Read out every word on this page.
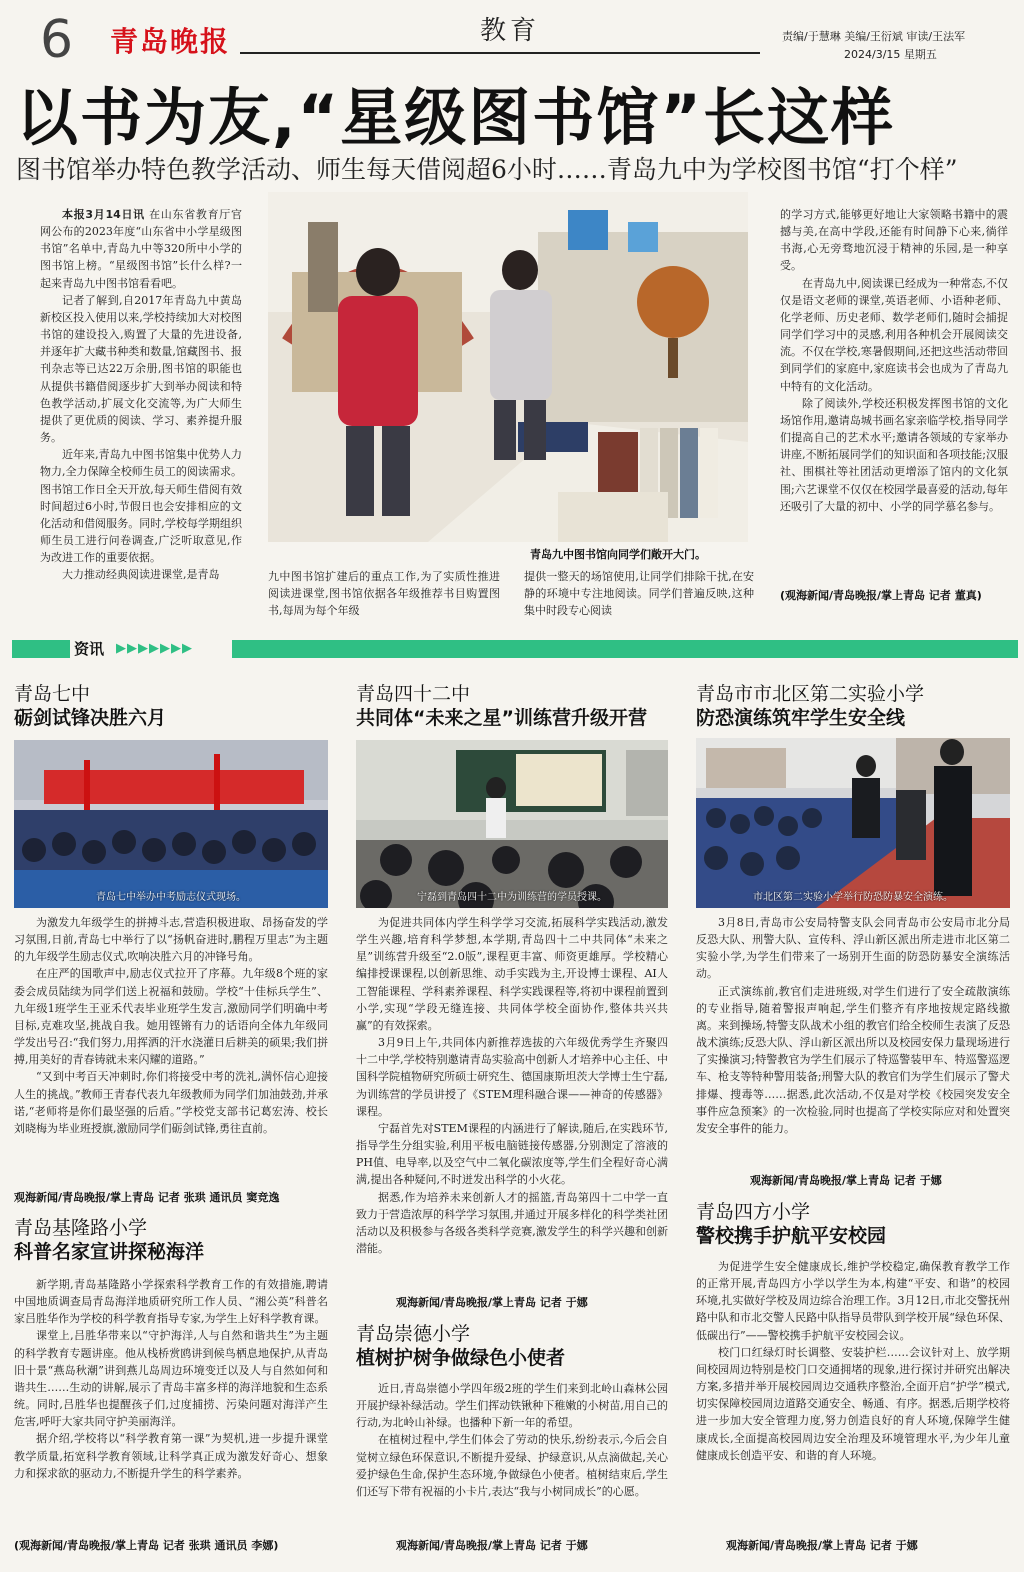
6 青岛晚报	教育	责编/于慧琳 美编/王衍斌 审读/王法军
2024/3/15 星期五
以书为友,“星级图书馆”长这样
图书馆举办特色教学活动、师生每天借阅超6小时……青岛九中为学校图书馆“打个样”

本报3月14日讯 在山东省教育厅官网公布的2023年度“山东省中小学星级图书馆”名单中,青岛九中等320所中小学的图书馆上榜。“星级图书馆”长什么样?一起来青岛九中图书馆看看吧。

记者了解到,自2017年青岛九中黄岛新校区投入使用以来,学校持续加大对校图书馆的建设投入,购置了大量的先进设备,并逐年扩大藏书种类和数量,馆藏图书、报刊杂志等已达22万余册,图书馆的职能也从提供书籍借阅逐步扩大到举办阅读和特色教学活动,扩展文化交流等,为广大师生提供了更优质的阅读、学习、素养提升服务。

近年来,青岛九中图书馆集中优势人力物力,全力保障全校师生员工的阅读需求。图书馆工作日全天开放,每天师生借阅有效时间超过6小时,节假日也会安排相应的文化活动和借阅服务。同时,学校每学期组织师生员工进行问卷调查,广泛听取意见,作为改进工作的重要依据。

大力推动经典阅读进课堂,是青岛

青岛九中图书馆向同学们敞开大门。

九中图书馆扩建后的重点工作,为了实质性推进阅读进课堂,图书馆依据各年级推荐书目购置图书,每周为每个年级

提供一整天的场馆使用,让同学们排除干扰,在安静的环境中专注地阅读。同学们普遍反映,这种集中时段专心阅读

的学习方式,能够更好地让大家领略书籍中的震撼与美,在高中学段,还能有时间静下心来,徜徉书海,心无旁骛地沉浸于精神的乐园,是一种享受。

在青岛九中,阅读课已经成为一种常态,不仅仅是语文老师的课堂,英语老师、小语种老师、化学老师、历史老师、数学老师们,随时会捕捉同学们学习中的灵感,利用各种机会开展阅读交流。不仅在学校,寒暑假期间,还把这些活动带回到同学们的家庭中,家庭读书会也成为了青岛九中特有的文化活动。

除了阅读外,学校还积极发挥图书馆的文化场馆作用,邀请岛城书画名家亲临学校,指导同学们提高自己的艺术水平;邀请各领域的专家举办讲座,不断拓展同学们的知识面和各项技能;汉服社、围棋社等社团活动更增添了馆内的文化氛围;六艺课堂不仅仅在校园学最喜爱的活动,每年还吸引了大量的初中、小学的同学慕名参与。

(观海新闻/青岛晚报/掌上青岛 记者 董真)
资讯 ▶▶▶▶▶▶▶
青岛七中
砺剑试锋决胜六月
青岛七中举办中考励志仪式现场。

为激发九年级学生的拼搏斗志,营造积极进取、昂扬奋发的学习氛围,日前,青岛七中举行了以“扬帆奋进时,鹏程万里志”为主题的九年级学生励志仪式,吹响决胜六月的冲锋号角。

在庄严的国歌声中,励志仪式拉开了序幕。九年级8个班的家委会成员陆续为同学们送上祝福和鼓励。学校“十佳标兵学生”、九年级1班学生王亚禾代表毕业班学生发言,激励同学们明确中考目标,克难攻坚,挑战自我。她用铿锵有力的话语向全体九年级同学发出号召:“我们努力,用挥洒的汗水浇灌日后耕美的硕果;我们拼搏,用美好的青春铸就未来闪耀的道路。”

“又到中考百天冲刺时,你们将接受中考的洗礼,满怀信心迎接人生的挑战。”教师王青春代表九年级教师为同学们加油鼓劲,并承诺,“老师将是你们最坚强的后盾。”学校党支部书记葛宏涛、校长刘晓梅为毕业班授旗,激励同学们砺剑试锋,勇往直前。

观海新闻/青岛晚报/掌上青岛 记者 张珙 通讯员 窦竞逸
青岛基隆路小学
科普名家宣讲探秘海洋

新学期,青岛基隆路小学探索科学教育工作的有效措施,聘请中国地质调查局青岛海洋地质研究所工作人员、“湘公英”科普名家吕胜华作为学校的科学教育指导专家,为学生上好科学教育课。

课堂上,吕胜华带来以“守护海洋,人与自然和谐共生”为主题的科学教育专题讲座。他从栈桥赏鸥讲到候鸟栖息地保护,从青岛旧十景“燕岛秋潮”讲到燕儿岛周边环境变迁以及人与自然如何和谐共生……生动的讲解,展示了青岛丰富多样的海洋地貌和生态系统。同时,吕胜华也提醒孩子们,过度捕捞、污染问题对海洋产生危害,呼吁大家共同守护美丽海洋。

据介绍,学校将以“科学教育第一课”为契机,进一步提升课堂教学质量,拓宽科学教育领域,让科学真正成为激发好奇心、想象力和探求欲的驱动力,不断提升学生的科学素养。

(观海新闻/青岛晚报/掌上青岛 记者 张珙 通讯员 李娜)
青岛四十二中
共同体“未来之星”训练营升级开营
宁磊到青岛四十二中为训练营的学员授课。

为促进共同体内学生科学学习交流,拓展科学实践活动,激发学生兴趣,培育科学梦想,本学期,青岛四十二中共同体“未来之星”训练营升级至“2.0版”,课程更丰富、师资更雄厚。学校精心编排授课课程,以创新思维、动手实践为主,开设博士课程、AI人工智能课程、学科素养课程、科学实践课程等,将初中课程前置到小学,实现“学段无缝连接、共同体学校全面协作,整体共兴共赢”的有效探索。

3月9日上午,共同体内新推荐选拔的六年级优秀学生齐聚四十二中学,学校特别邀请青岛实验高中创新人才培养中心主任、中国科学院植物研究所硕士研究生、德国康斯坦茨大学博士生宁磊,为训练营的学员讲授了《STEM理科融合课——神奇的传感器》课程。

宁磊首先对STEM课程的内涵进行了解读,随后,在实践环节,指导学生分组实验,利用平板电脑链接传感器,分别测定了溶液的PH值、电导率,以及空气中二氧化碳浓度等,学生们全程好奇心满满,提出各种疑问,不时迸发出科学的小火花。

据悉,作为培养未来创新人才的摇篮,青岛第四十二中学一直致力于营造浓厚的科学学习氛围,并通过开展多样化的科学类社团活动以及积极参与各级各类科学竞赛,激发学生的科学兴趣和创新潜能。

观海新闻/青岛晚报/掌上青岛 记者 于娜
青岛崇德小学
植树护树争做绿色小使者

近日,青岛崇德小学四年级2班的学生们来到北岭山森林公园开展护绿补绿活动。学生们挥动铁锹种下稚嫩的小树苗,用自己的行动,为北岭山补绿。也播种下新一年的希望。

在植树过程中,学生们体会了劳动的快乐,纷纷表示,今后会自觉树立绿色环保意识,不断提升爱绿、护绿意识,从点滴做起,关心爱护绿色生命,保护生态环境,争做绿色小使者。植树结束后,学生们还写下带有祝福的小卡片,表达“我与小树同成长”的心愿。

观海新闻/青岛晚报/掌上青岛 记者 于娜
青岛市市北区第二实验小学
防恐演练筑牢学生安全线
市北区第二实验小学举行防恐防暴安全演练。

3月8日,青岛市公安局特警支队会同青岛市公安局市北分局反恐大队、刑警大队、宣传科、浮山新区派出所走进市北区第二实验小学,为学生们带来了一场别开生面的防恐防暴安全演练活动。

正式演练前,教官们走进班级,对学生们进行了安全疏散演练的专业指导,随着警报声响起,学生们整齐有序地按规定路线撤离。来到操场,特警支队战术小组的教官们给全校师生表演了反恐战术演练;反恐大队、浮山新区派出所以及校园安保力量现场进行了实操演习;特警教官为学生们展示了特巡警装甲车、特巡警巡逻车、枪支等特种警用装备;刑警大队的教官们为学生们展示了警犬排爆、搜毒等……据悉,此次活动,不仅是对学校《校园突发安全事件应急预案》的一次检验,同时也提高了学校实际应对和处置突发安全事件的能力。

观海新闻/青岛晚报/掌上青岛 记者 于娜
青岛四方小学
警校携手护航平安校园

为促进学生安全健康成长,维护学校稳定,确保教育教学工作的正常开展,青岛四方小学以学生为本,构建“平安、和谐”的校园环境,扎实做好学校及周边综合治理工作。3月12日,市北交警抚州路中队和市北交警人民路中队指导员带队到学校开展“绿色环保、低碳出行”——警校携手护航平安校园会议。

校门口红绿灯时长调整、安装护栏……会议针对上、放学期间校园周边特别是校门口交通拥堵的现象,进行探讨并研究出解决方案,多措并举开展校园周边交通秩序整治,全面开启“护学”模式,切实保障校园周边道路交通安全、畅通、有序。据悉,后期学校将进一步加大安全管理力度,努力创造良好的育人环境,保障学生健康成长,全面提高校园周边安全治理及环境管理水平,为少年儿童健康成长创造平安、和谐的育人环境。

观海新闻/青岛晚报/掌上青岛 记者 于娜
